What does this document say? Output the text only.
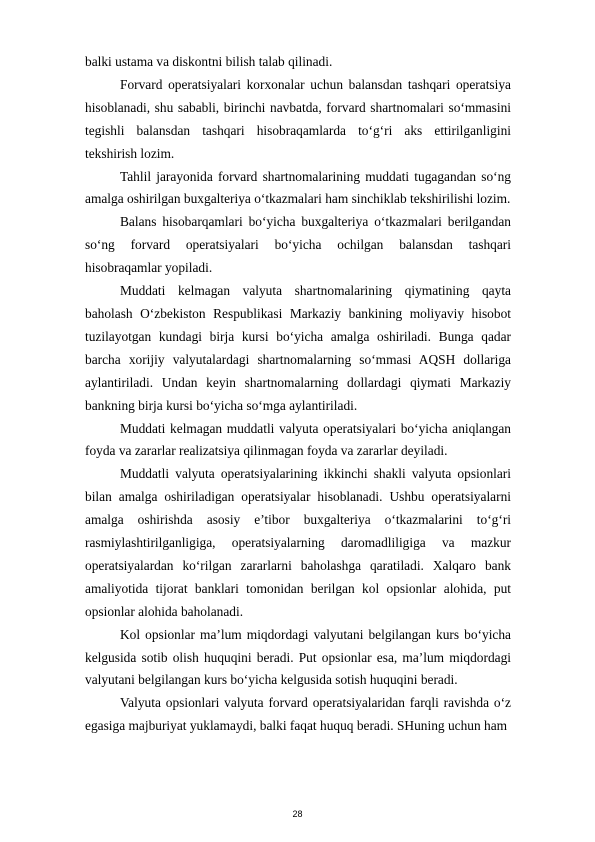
balki ustama va diskontni bilish talab qilinadi.

Forvard operatsiyalari korxonalar uchun balansdan tashqari operatsiya hisoblanadi, shu sababli, birinchi navbatda, forvard shartnomalari so‘mmasini tegishli balansdan tashqari hisobraqamlarda to‘g‘ri aks ettirilganligini tekshirish lozim.

Tahlil jarayonida forvard shartnomalarining muddati tugagandan so‘ng amalga oshirilgan buxgalteriya o‘tkazmalari ham sinchiklab tekshirilishi lozim.

Balans hisobarqamlari bo‘yicha buxgalteriya o‘tkazmalari berilgandan so‘ng forvard operatsiyalari bo‘yicha ochilgan balansdan tashqari hisobraqamlar yopiladi.

Muddati kelmagan valyuta shartnomalarining qiymatining qayta baholash O‘zbekiston Respublikasi Markaziy bankining moliyaviy hisobot tuzilayotgan kundagi birja kursi bo‘yicha amalga oshiriladi. Bunga qadar barcha xorijiy valyutalardagi shartnomalarning so‘mmasi AQSH dollariga aylantiriladi. Undan keyin shartnomalarning dollardagi qiymati Markaziy bankning birja kursi bo‘yicha so‘mga aylantiriladi.

Muddati kelmagan muddatli valyuta operatsiyalari bo‘yicha aniqlangan foyda va zararlar realizatsiya qilinmagan foyda va zararlar deyiladi.

Muddatli valyuta operatsiyalarining ikkinchi shakli valyuta opsionlari bilan amalga oshiriladigan operatsiyalar hisoblanadi. Ushbu operatsiyalarni amalga oshirishda asosiy e’tibor buxgalteriya o‘tkazmalarini to‘g‘ri rasmiylashtirilganligiga, operatsiyalarning daromadliligiga va mazkur operatsiyalardan ko‘rilgan zararlarni baholashga qaratiladi. Xalqaro bank amaliyotida tijorat banklari tomonidan berilgan kol opsionlar alohida, put opsionlar alohida baholanadi.

Kol opsionlar ma’lum miqdordagi valyutani belgilangan kurs bo‘yicha kelgusida sotib olish huquqini beradi. Put opsionlar esa, ma’lum miqdordagi valyutani belgilangan kurs bo‘yicha kelgusida sotish huquqini beradi.

Valyuta opsionlari valyuta forvard operatsiyalaridan farqli ravishda o‘z egasiga majburiyat yuklamaydi, balki faqat huquq beradi. SHuning uchun ham

28
